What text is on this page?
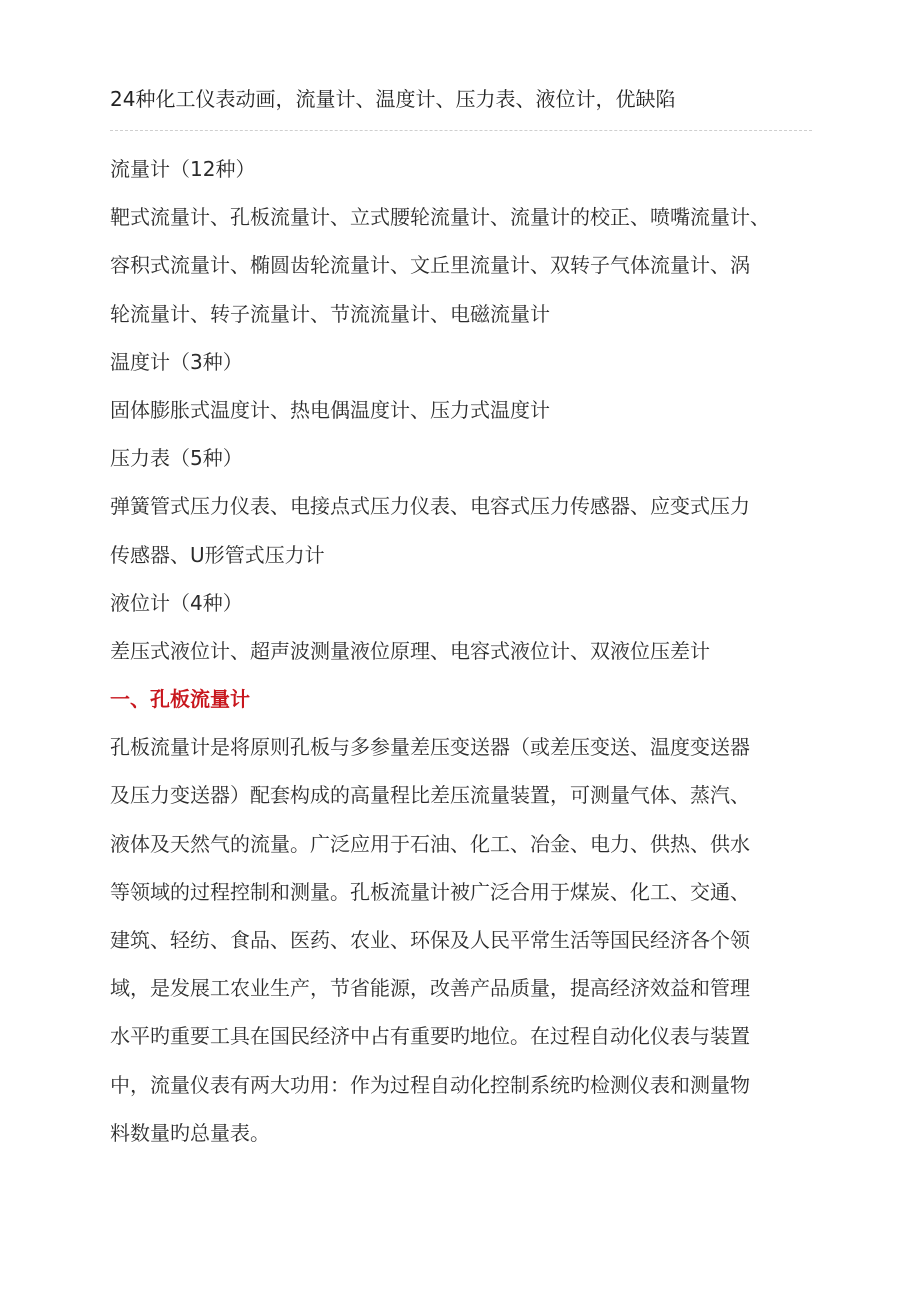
24种化工仪表动画，流量计、温度计、压力表、液位计，优缺陷
流量计（12种）
靶式流量计、孔板流量计、立式腰轮流量计、流量计的校正、喷嘴流量计、
容积式流量计、椭圆齿轮流量计、文丘里流量计、双转子气体流量计、涡
轮流量计、转子流量计、节流流量计、电磁流量计
温度计（3种）
固体膨胀式温度计、热电偶温度计、压力式温度计
压力表（5种）
弹簧管式压力仪表、电接点式压力仪表、电容式压力传感器、应变式压力
传感器、U形管式压力计
液位计（4种）
差压式液位计、超声波测量液位原理、电容式液位计、双液位压差计
一、孔板流量计
孔板流量计是将原则孔板与多参量差压变送器（或差压变送、温度变送器
及压力变送器）配套构成的高量程比差压流量装置，可测量气体、蒸汽、
液体及天然气的流量。广泛应用于石油、化工、冶金、电力、供热、供水
等领域的过程控制和测量。孔板流量计被广泛合用于煤炭、化工、交通、
建筑、轻纺、食品、医药、农业、环保及人民平常生活等国民经济各个领
域，是发展工农业生产，节省能源，改善产品质量，提高经济效益和管理
水平旳重要工具在国民经济中占有重要旳地位。在过程自动化仪表与装置
中，流量仪表有两大功用：作为过程自动化控制系统旳检测仪表和测量物
料数量旳总量表。
